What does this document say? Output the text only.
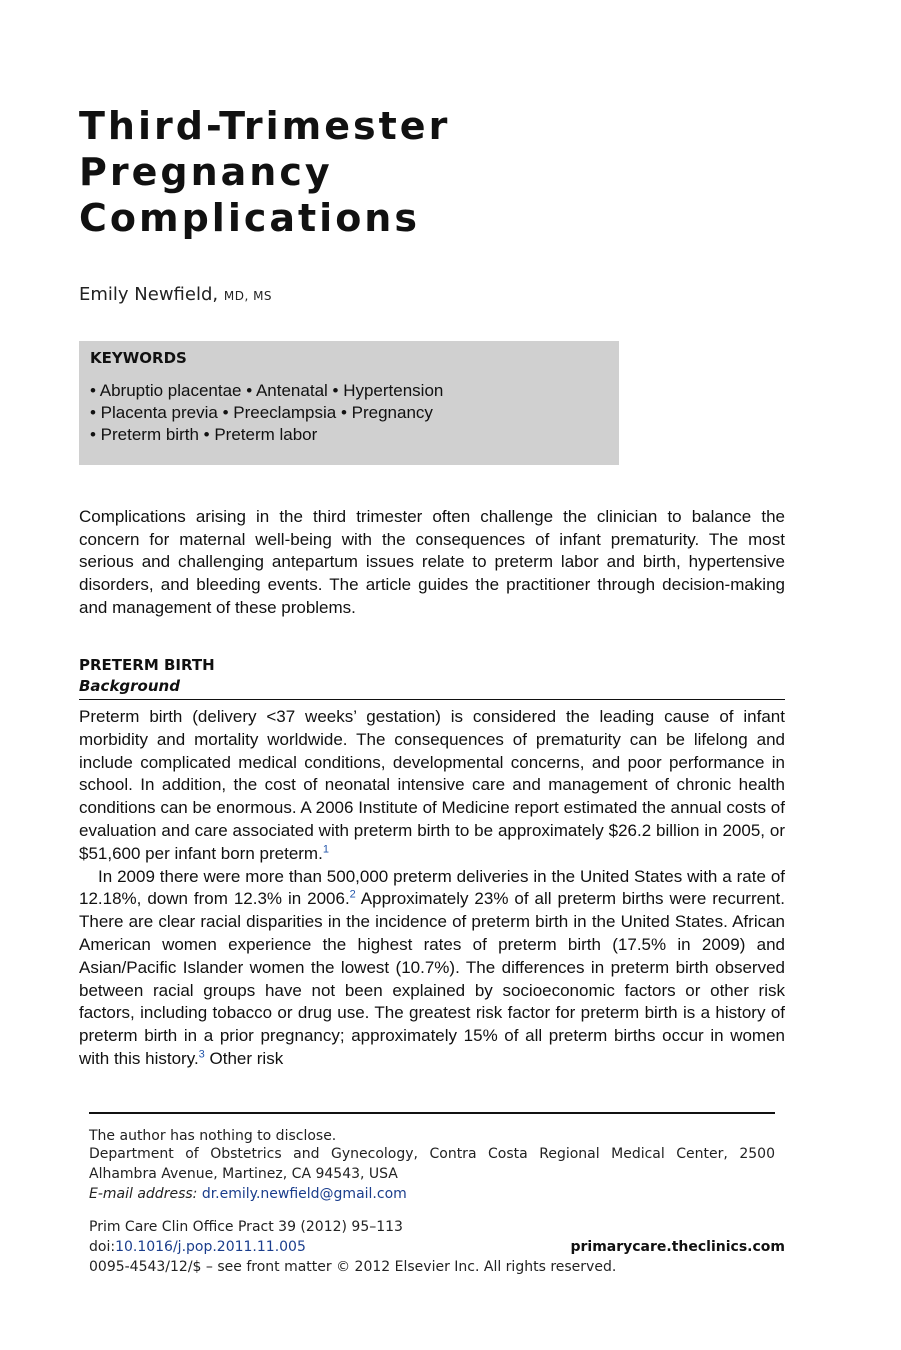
Third-Trimester
Pregnancy
Complications
Emily Newfield, MD, MS
KEYWORDS
• Abruptio placentae • Antenatal • Hypertension
• Placenta previa • Preeclampsia • Pregnancy
• Preterm birth • Preterm labor

Complications arising in the third trimester often challenge the clinician to balance the concern for maternal well-being with the consequences of infant prematurity. The most serious and challenging antepartum issues relate to preterm labor and birth, hypertensive disorders, and bleeding events. The article guides the practitioner through decision-making and management of these problems.

PRETERM BIRTH
Background

Preterm birth (delivery <37 weeks’ gestation) is considered the leading cause of infant morbidity and mortality worldwide. The consequences of prematurity can be lifelong and include complicated medical conditions, developmental concerns, and poor performance in school. In addition, the cost of neonatal intensive care and management of chronic health conditions can be enormous. A 2006 Institute of Medicine report estimated the annual costs of evaluation and care associated with preterm birth to be approximately $26.2 billion in 2005, or $51,600 per infant born preterm.$^1$

In 2009 there were more than 500,000 preterm deliveries in the United States with a rate of 12.18%, down from 12.3% in 2006.$^2$ Approximately 23% of all preterm births were recurrent. There are clear racial disparities in the incidence of preterm birth in the United States. African American women experience the highest rates of preterm birth (17.5% in 2009) and Asian/Pacific Islander women the lowest (10.7%). The differences in preterm birth observed between racial groups have not been explained by socioeconomic factors or other risk factors, including tobacco or drug use. The greatest risk factor for preterm birth is a history of preterm birth in a prior pregnancy; approximately 15% of all preterm births occur in women with this history.$^3$ Other risk

The author has nothing to disclose.

Department of Obstetrics and Gynecology, Contra Costa Regional Medical Center, 2500 Alhambra Avenue, Martinez, CA 94543, USA

E-mail address: dr.emily.newfield@gmail.com
Prim Care Clin Office Pract 39 (2012) 95–113
doi:10.1016/j.pop.2011.11.005	primarycare.theclinics.com
0095-4543/12/$ – see front matter © 2012 Elsevier Inc. All rights reserved.
